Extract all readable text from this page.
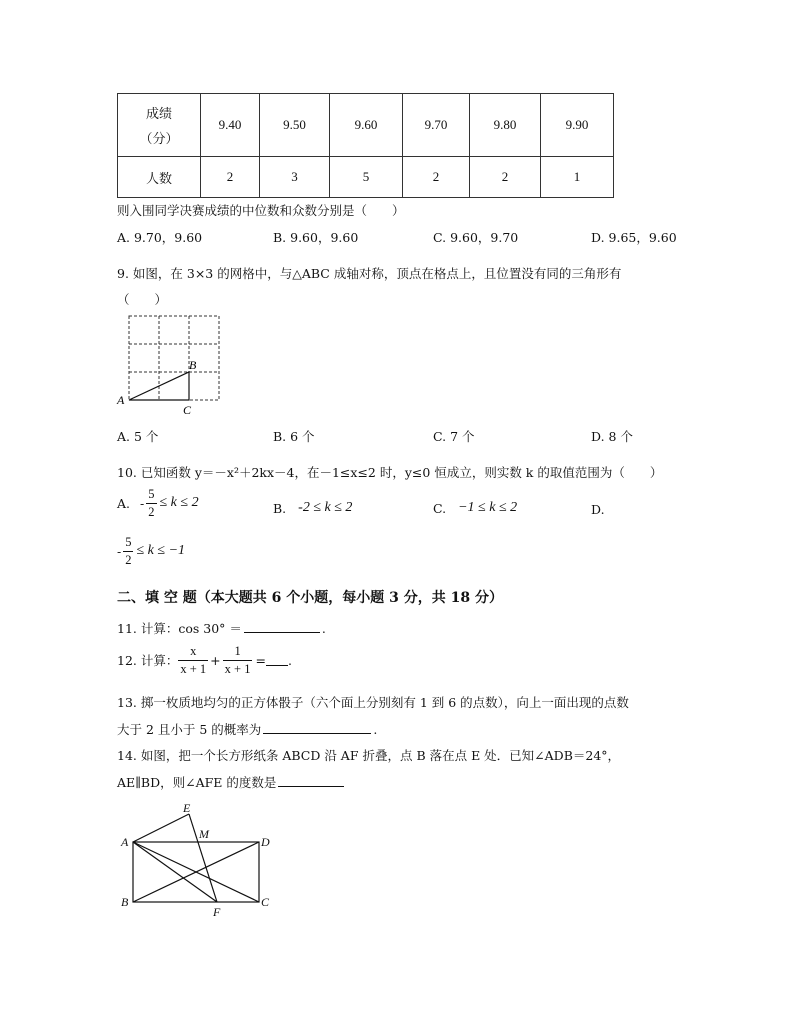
成绩
（分）	9.40	9.50	9.60	9.70	9.80	9.90
人数	2	3	5	2	2	1
则入围同学决赛成绩的中位数和众数分别是（　　）
A. 9.70，9.60	B. 9.60，9.60	C. 9.60，9.70	D. 9.65，9.60
9. 如图，在 3×3 的网格中，与△ABC 成轴对称，顶点在格点上，且位置没有同的三角形有
（　　）
A
B
C
A. 5 个	B. 6 个	C. 7 个	D. 8 个
10. 已知函数 y＝－x²＋2kx－4，在－1≤x≤2 时，y≤0 恒成立，则实数 k 的取值范围为（　　）
A. - $\frac{5}{2} \le k \le 2$	B. -2 ≤ k ≤ 2	C. −1 ≤ k ≤ 2	D.
- $\frac{5}{2} \le k \le -1$
二、填 空 题（本大题共 6 个小题，每小题 3 分，共 18 分）
11. 计算：cos 30° ＝	.
12. 计算： $\frac{x}{x + 1} + \frac{1}{x + 1}$ = .
13. 掷一枚质地均匀的正方体骰子（六个面上分别刻有 1 到 6 的点数），向上一面出现的点数
大于 2 且小于 5 的概率为	.
14. 如图，把一个长方形纸条 ABCD 沿 AF 折叠，点 B 落在点 E 处．已知∠ADB＝24°，
AE∥BD，则∠AFE 的度数是
E
M
A	D
B
F
C
